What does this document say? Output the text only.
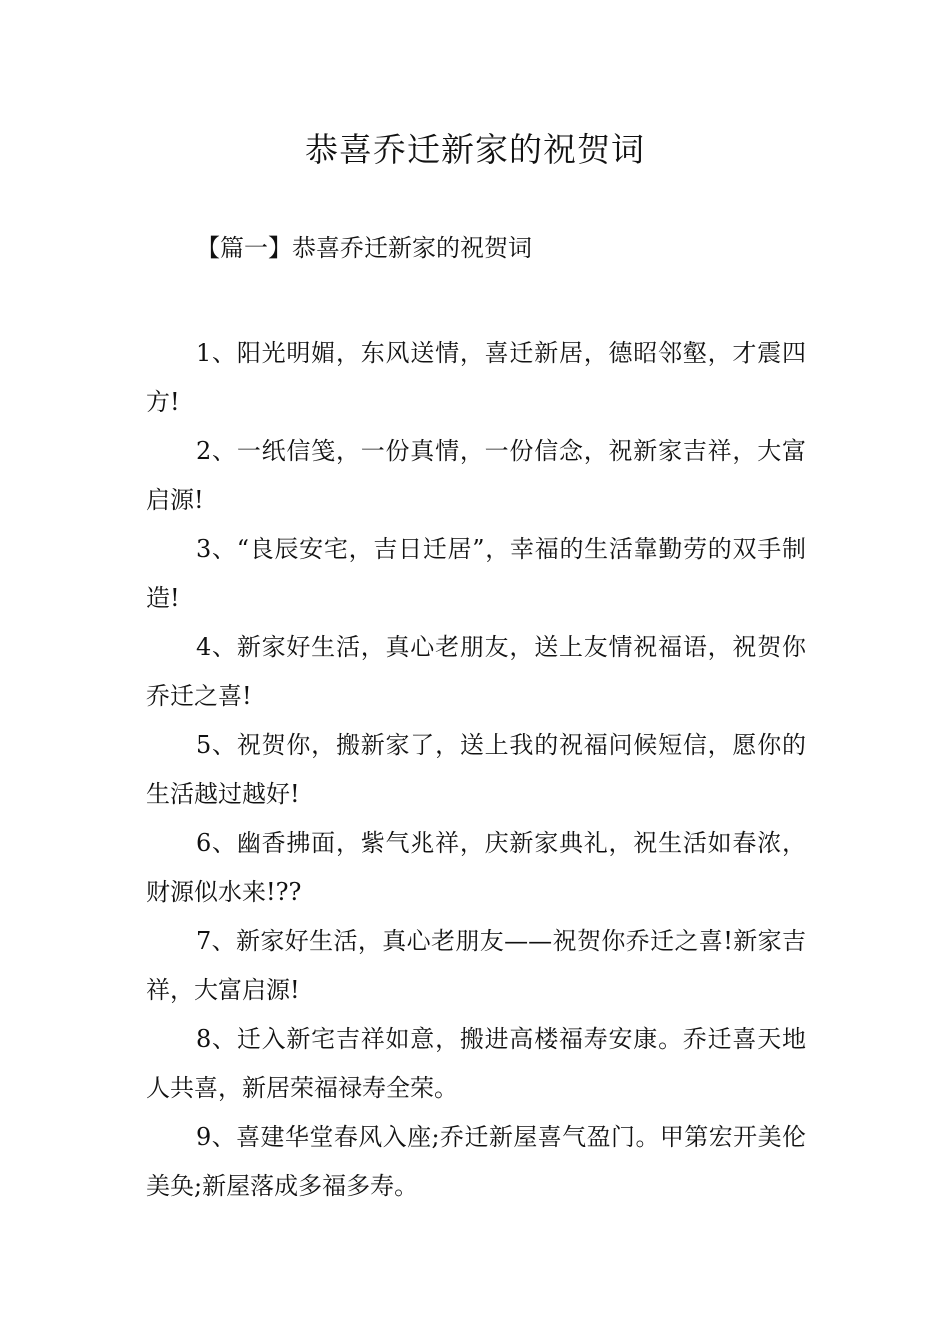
恭喜乔迁新家的祝贺词
【篇一】恭喜乔迁新家的祝贺词
1、阳光明媚，东风送情，喜迁新居，德昭邻壑，才震四方!
2、一纸信笺，一份真情，一份信念，祝新家吉祥，大富启源!
3、“良辰安宅，吉日迁居”，幸福的生活靠勤劳的双手制造!
4、新家好生活，真心老朋友，送上友情祝福语，祝贺你乔迁之喜!
5、祝贺你，搬新家了，送上我的祝福问候短信，愿你的生活越过越好!
6、幽香拂面，紫气兆祥，庆新家典礼，祝生活如春浓，财源似水来!??
7、新家好生活，真心老朋友——祝贺你乔迁之喜!新家吉祥，大富启源!
8、迁入新宅吉祥如意，搬进高楼福寿安康。乔迁喜天地人共喜，新居荣福禄寿全荣。
9、喜建华堂春风入座;乔迁新屋喜气盈门。甲第宏开美伦美奂;新屋落成多福多寿。
